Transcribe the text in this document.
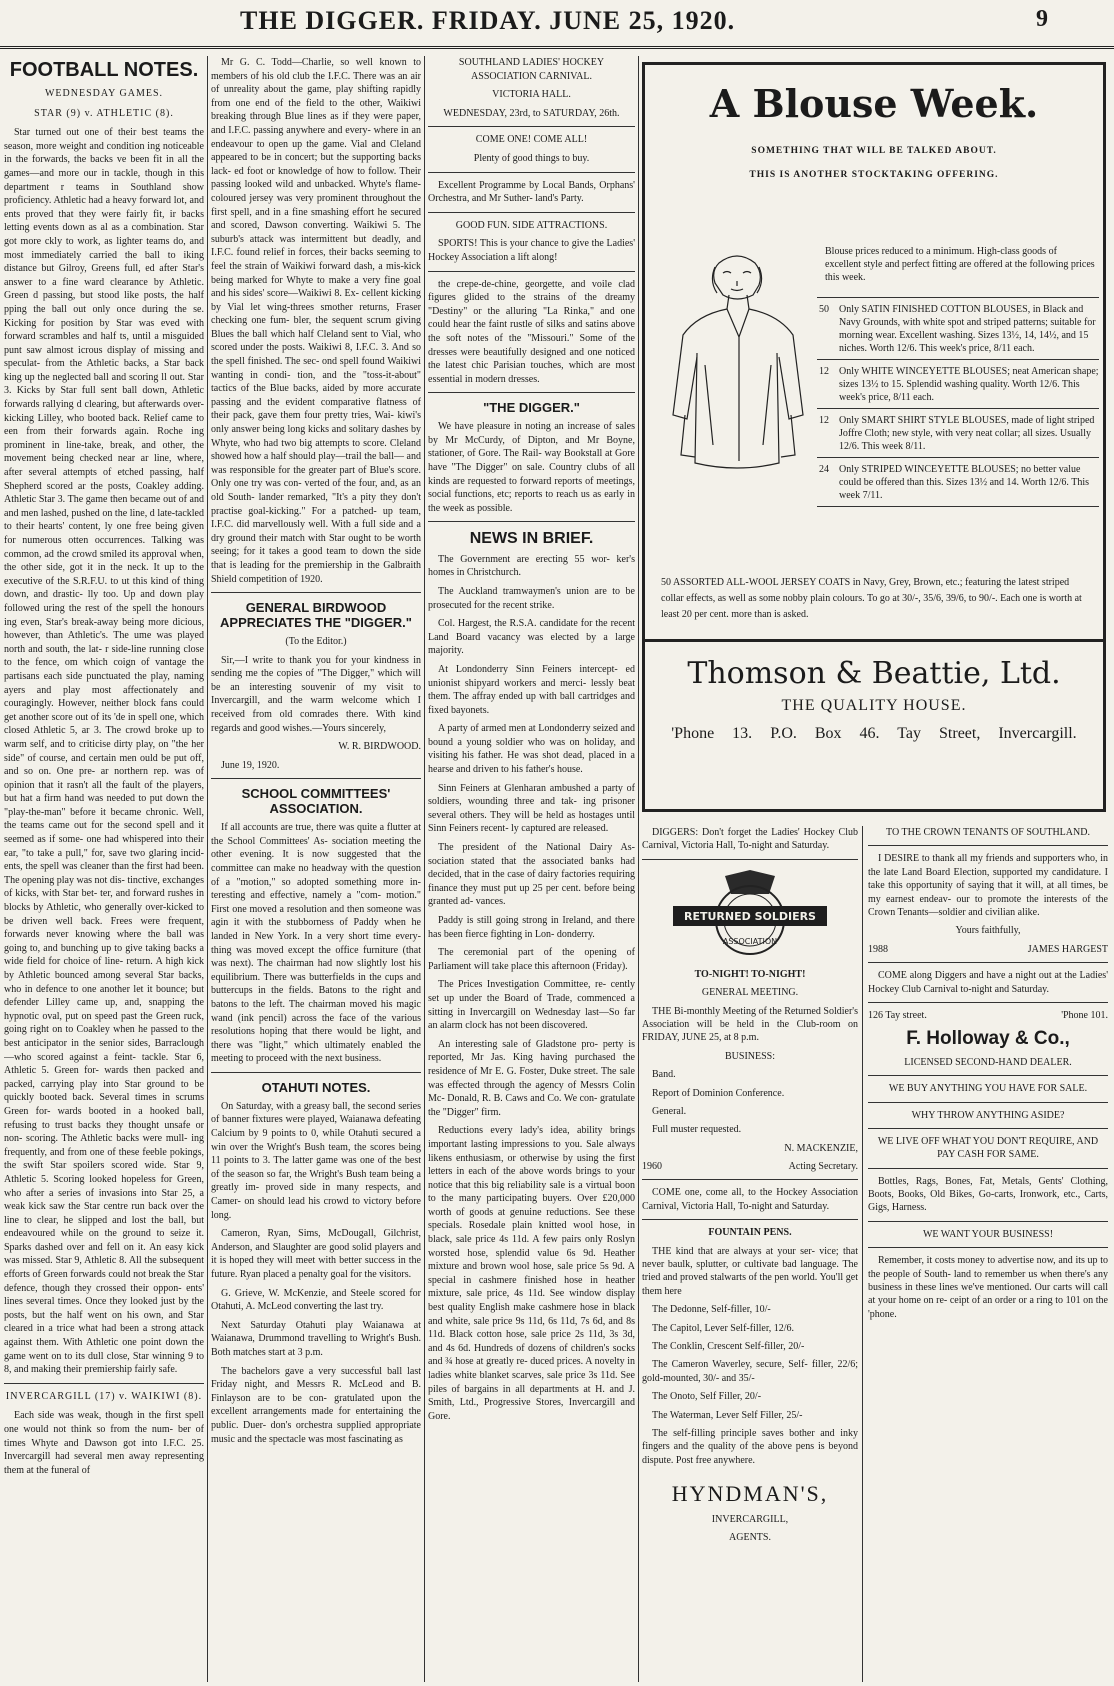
THE DIGGER. FRIDAY. JUNE 25, 1920.	9
FOOTBALL NOTES.

WEDNESDAY GAMES.

STAR (9) v. ATHLETIC (8).

Star turned out one of their best teams the season, more weight and condition ing noticeable in the forwards, the backs ve been fit in all the games—and more our in tackle, though in this department r teams in Southland show proficiency. Athletic had a heavy forward lot, and ents proved that they were fairly fit, ir backs letting events down as al as a combination. Star got more ckly to work, as lighter teams do, and most immediately carried the ball to iking distance but Gilroy, Greens full, ed after Star's answer to a fine ward clearance by Athletic. Green d passing, but stood like posts, the half pping the ball out only once during the se. Kicking for position by Star was eved with forward scrambles and half ts, until a misguided punt saw almost icrous display of missing and speculat- from the Athletic backs, a Star back king up the neglected ball and scoring ll out. Star 3. Kicks by Star full sent ball down, Athletic forwards rallying d clearing, but afterwards over-kicking Lilley, who booted back. Relief came to een from their forwards again. Roche ing prominent in line-take, break, and other, the movement being checked near ar line, where, after several attempts of etched passing, half Shepherd scored ar the posts, Coakley adding. Athletic Star 3. The game then became out of and and men lashed, pushed on the line, d late-tackled to their hearts' content, ly one free being given for numerous otten occurrences. Talking was common, ad the crowd smiled its approval when, the other side, got it in the neck. It up to the executive of the S.R.F.U. to ut this kind of thing down, and drastic- lly too. Up and down play followed uring the rest of the spell the honours ing even, Star's break-away being more dicious, however, than Athletic's. The ume was played north and south, the lat- r side-line running close to the fence, om which coign of vantage the partisans each side punctuated the play, naming ayers and play most affectionately and couragingly. However, neither block fans could get another score out of its 'de in spell one, which closed Athletic 5, ar 3. The crowd broke up to warm self, and to criticise dirty play, on "the her side" of course, and certain men ould be put off, and so on. One pre- ar northern rep. was of opinion that it rasn't all the fault of the players, but hat a firm hand was needed to put down the "play-the-man" before it became chronic. Well, the teams came out for the second spell and it seemed as if some- one had whispered into their ear, "to take a pull," for, save two glaring incid- ents, the spell was cleaner than the first had been. The opening play was not dis- tinctive, exchanges of kicks, with Star bet- ter, and forward rushes in blocks by Athletic, who generally over-kicked to be driven well back. Frees were frequent, forwards never knowing where the ball was going to, and bunching up to give taking backs a wide field for choice of line- return. A high kick by Athletic bounced among several Star backs, who in defence to one another let it bounce; but defender Lilley came up, and, snapping the hypnotic oval, put on speed past the Green ruck, going right on to Coakley when he passed to the best anticipator in the senior sides, Barraclough—who scored against a feint- tackle. Star 6, Athletic 5. Green for- wards then packed and packed, carrying play into Star ground to be quickly booted back. Several times in scrums Green for- wards booted in a hooked ball, refusing to trust backs they thought unsafe or non- scoring. The Athletic backs were mull- ing frequently, and from one of these feeble pokings, the swift Star spoilers scored wide. Star 9, Athletic 5. Scoring looked hopeless for Green, who after a series of invasions into Star 25, a weak kick saw the Star centre run back over the line to clear, he slipped and lost the ball, but endeavoured while on the ground to seize it. Sparks dashed over and fell on it. An easy kick was missed. Star 9, Athletic 8. All the subsequent efforts of Green forwards could not break the Star defence, though they crossed their oppon- ents' lines several times. Once they looked just by the posts, but the half went on his own, and Star cleared in a trice what had been a strong attack against them. With Athletic one point down the game went on to its dull close, Star winning 9 to 8, and making their premiership fairly safe.

INVERCARGILL (17) v. WAIKIWI (8).

Each side was weak, though in the first spell one would not think so from the num- ber of times Whyte and Dawson got into I.F.C. 25. Invercargill had several men away representing them at the funeral of

Mr G. C. Todd—Charlie, so well known to members of his old club the I.F.C. There was an air of unreality about the game, play shifting rapidly from one end of the field to the other, Waikiwi breaking through Blue lines as if they were paper, and I.F.C. passing anywhere and every- where in an endeavour to open up the game. Vial and Cleland appeared to be in concert; but the supporting backs lack- ed foot or knowledge of how to follow. Their passing looked wild and unbacked. Whyte's flame-coloured jersey was very prominent throughout the first spell, and in a fine smashing effort he secured and scored, Dawson converting. Waikiwi 5. The suburb's attack was intermittent but deadly, and I.F.C. found relief in forces, their backs seeming to feel the strain of Waikiwi forward dash, a mis-kick being marked for Whyte to make a very fine goal and his sides' score—Waikiwi 8. Ex- cellent kicking by Vial let wing-threes smother returns, Fraser checking one fum- bler, the sequent scrum giving Blues the ball which half Cleland sent to Vial, who scored under the posts. Waikiwi 8, I.F.C. 3. And so the spell finished. The sec- ond spell found Waikiwi wanting in condi- tion, and the "toss-it-about" tactics of the Blue backs, aided by more accurate passing and the evident comparative flatness of their pack, gave them four pretty tries, Wai- kiwi's only answer being long kicks and solitary dashes by Whyte, who had two big attempts to score. Cleland showed how a half should play—trail the ball— and was responsible for the greater part of Blue's score. Only one try was con- verted of the four, and, as an old South- lander remarked, "It's a pity they don't practise goal-kicking." For a patched- up team, I.F.C. did marvellously well. With a full side and a dry ground their match with Star ought to be worth seeing; for it takes a good team to down the side that is leading for the premiership in the Galbraith Shield competition of 1920.

GENERAL BIRDWOOD APPRECIATES THE "DIGGER."

(To the Editor.)

Sir,—I write to thank you for your kindness in sending me the copies of "The Digger," which will be an interesting souvenir of my visit to Invercargill, and the warm welcome which I received from old comrades there. With kind regards and good wishes.—Yours sincerely,

W. R. BIRDWOOD.

June 19, 1920.

SCHOOL COMMITTEES' ASSOCIATION.

If all accounts are true, there was quite a flutter at the School Committees' As- sociation meeting the other evening. It is now suggested that the committee can make no headway with the question of a "motion," so adopted something more in- teresting and effective, namely a "com- motion." First one moved a resolution and then someone was agin it with the stubborness of Paddy when he landed in New York. In a very short time every- thing was moved except the office furniture (that was next). The chairman had now slightly lost his equilibrium. There was butterfields in the cups and buttercups in the fields. Batons to the right and batons to the left. The chairman moved his magic wand (ink pencil) across the face of the various resolutions hoping that there would be light, and there was "light," which ultimately enabled the meeting to proceed with the next business.

OTAHUTI NOTES.

On Saturday, with a greasy ball, the second series of banner fixtures were played, Waianawa defeating Calcium by 9 points to 0, while Otahuti secured a win over the Wright's Bush team, the scores being 11 points to 3. The latter game was one of the best of the season so far, the Wright's Bush team being a greatly im- proved side in many respects, and Camer- on should lead his crowd to victory before long.

Cameron, Ryan, Sims, McDougall, Gilchrist, Anderson, and Slaughter are good solid players and it is hoped they will meet with better success in the future. Ryan placed a penalty goal for the visitors.

G. Grieve, W. McKenzie, and Steele scored for Otahuti, A. McLeod converting the last try.

Next Saturday Otahuti play Waianawa at Waianawa, Drummond travelling to Wright's Bush. Both matches start at 3 p.m.

The bachelors gave a very successful ball last Friday night, and Messrs R. McLeod and B. Finlayson are to be con- gratulated upon the excellent arrangements made for entertaining the public. Duer- don's orchestra supplied appropriate music and the spectacle was most fascinating as

SOUTHLAND LADIES' HOCKEY ASSOCIATION CARNIVAL.

VICTORIA HALL.

WEDNESDAY, 23rd, to SATURDAY, 26th.

COME ONE! COME ALL!

Plenty of good things to buy.

Excellent Programme by Local Bands, Orphans' Orchestra, and Mr Suther- land's Party.

GOOD FUN. SIDE ATTRACTIONS.

SPORTS! This is your chance to give the Ladies' Hockey Association a lift along!

the crepe-de-chine, georgette, and voile clad figures glided to the strains of the dreamy "Destiny" or the alluring "La Rinka," and one could hear the faint rustle of silks and satins above the soft notes of the "Missouri." Some of the dresses were beautifully designed and one noticed the latest chic Parisian touches, which are most essential in modern dresses.

"THE DIGGER."

We have pleasure in noting an increase of sales by Mr McCurdy, of Dipton, and Mr Boyne, stationer, of Gore. The Rail- way Bookstall at Gore have "The Digger" on sale. Country clubs of all kinds are requested to forward reports of meetings, social functions, etc; reports to reach us as early in the week as possible.

NEWS IN BRIEF.

The Government are erecting 55 wor- ker's homes in Christchurch.

The Auckland tramwaymen's union are to be prosecuted for the recent strike.

Col. Hargest, the R.S.A. candidate for the recent Land Board vacancy was elected by a large majority.

At Londonderry Sinn Feiners intercept- ed unionist shipyard workers and merci- lessly beat them. The affray ended up with ball cartridges and fixed bayonets.

A party of armed men at Londonderry seized and bound a young soldier who was on holiday, and visiting his father. He was shot dead, placed in a hearse and driven to his father's house.

Sinn Feiners at Glenharan ambushed a party of soldiers, wounding three and tak- ing prisoner several others. They will be held as hostages until Sinn Feiners recent- ly captured are released.

The president of the National Dairy As- sociation stated that the associated banks had decided, that in the case of dairy factories requiring finance they must put up 25 per cent. before being granted ad- vances.

Paddy is still going strong in Ireland, and there has been fierce fighting in Lon- donderry.

The ceremonial part of the opening of Parliament will take place this afternoon (Friday).

The Prices Investigation Committee, re- cently set up under the Board of Trade, commenced a sitting in Invercargill on Wednesday last—So far an alarm clock has not been discovered.

An interesting sale of Gladstone pro- perty is reported, Mr Jas. King having purchased the residence of Mr E. G. Foster, Duke street. The sale was effected through the agency of Messrs Colin Mc- Donald, R. B. Caws and Co. We con- gratulate the "Digger" firm.

Reductions every lady's idea, ability brings important lasting impressions to you. Sale always likens enthusiasm, or otherwise by using the first letters in each of the above words brings to your notice that this big reliability sale is a virtual boon to the many participating buyers. Over £20,000 worth of goods at genuine reductions. See these specials. Rosedale plain knitted wool hose, in black, sale price 4s 11d. A few pairs only Roslyn worsted hose, splendid value 6s 9d. Heather mixture and brown wool hose, sale price 5s 9d. A special in cashmere finished hose in heather mixture, sale price, 4s 11d. See window display best quality English make cashmere hose in black and white, sale price 9s 11d, 6s 11d, 7s 6d, and 8s 11d. Black cotton hose, sale price 2s 11d, 3s 3d, and 4s 6d. Hundreds of dozens of children's socks and ¾ hose at greatly re- duced prices. A novelty in ladies white blanket scarves, sale price 3s 11d. See piles of bargains in all departments at H. and J. Smith, Ltd., Progressive Stores, Invercargill and Gore.

A Blouse Week.
SOMETHING THAT WILL BE TALKED ABOUT.
THIS IS ANOTHER STOCKTAKING OFFERING.
Blouse prices reduced to a minimum. High-class goods of excellent style and perfect fitting are offered at the following prices this week.
50 Only SATIN FINISHED COTTON BLOUSES, in Black and Navy Grounds, with white spot and striped patterns; suitable for morning wear. Excellent washing. Sizes 13½, 14, 14½, and 15 niches. Worth 12/6. This week's price, 8/11 each.
12 Only WHITE WINCEYETTE BLOUSES; neat American shape; sizes 13½ to 15. Splendid washing quality. Worth 12/6. This week's price, 8/11 each.
12 Only SMART SHIRT STYLE BLOUSES, made of light striped Joffre Cloth; new style, with very neat collar; all sizes. Usually 12/6. This week 8/11.
24 Only STRIPED WINCEYETTE BLOUSES; no better value could be offered than this. Sizes 13½ and 14. Worth 12/6. This week 7/11.
50 ASSORTED ALL-WOOL JERSEY COATS in Navy, Grey, Brown, etc.; featuring the latest striped collar effects, as well as some nobby plain colours. To go at 30/-, 35/6, 39/6, to 90/-. Each one is worth at least 20 per cent. more than is asked.
Thomson & Beattie, Ltd.
THE QUALITY HOUSE.
'Phone 13. P.O. Box 46. Tay Street, Invercargill.

DIGGERS: Don't forget the Ladies' Hockey Club Carnival, Victoria Hall, To-night and Saturday.

RETURNED SOLDIERS
ASSOCIATION

TO-NIGHT! TO-NIGHT!

GENERAL MEETING.

THE Bi-monthly Meeting of the Returned Soldier's Association will be held in the Club-room on FRIDAY, JUNE 25, at 8 p.m.

BUSINESS:

Band.

Report of Dominion Conference.

General.

Full muster requested.

N. MACKENZIE,

1960	Acting Secretary.

COME one, come all, to the Hockey Association Carnival, Victoria Hall, To-night and Saturday.

FOUNTAIN PENS.

THE kind that are always at your ser- vice; that never baulk, splutter, or cultivate bad language. The tried and proved stalwarts of the pen world. You'll get them here

The Dedonne, Self-filler, 10/-

The Capitol, Lever Self-filler, 12/6.

The Conklin, Crescent Self-filler, 20/-

The Cameron Waverley, secure, Self- filler, 22/6; gold-mounted, 30/- and 35/-

The Onoto, Self Filler, 20/-

The Waterman, Lever Self Filler, 25/-

The self-filling principle saves bother and inky fingers and the quality of the above pens is beyond dispute. Post free anywhere.

HYNDMAN'S,

INVERCARGILL,

AGENTS.

TO THE CROWN TENANTS OF SOUTHLAND.

I DESIRE to thank all my friends and supporters who, in the late Land Board Election, supported my candidature. I take this opportunity of saying that it will, at all times, be my earnest endeav- our to promote the interests of the Crown Tenants—soldier and civilian alike.

Yours faithfully,

1988	JAMES HARGEST

COME along Diggers and have a night out at the Ladies' Hockey Club Carnival to-night and Saturday.

126 Tay street.	'Phone 101.
F. Holloway & Co.,

LICENSED SECOND-HAND DEALER.

WE BUY ANYTHING YOU HAVE FOR SALE.

WHY THROW ANYTHING ASIDE?

WE LIVE OFF WHAT YOU DON'T REQUIRE, AND PAY CASH FOR SAME.

Bottles, Rags, Bones, Fat, Metals, Gents' Clothing, Boots, Books, Old Bikes, Go-carts, Ironwork, etc., Carts, Gigs, Harness.

WE WANT YOUR BUSINESS!

Remember, it costs money to advertise now, and its up to the people of South- land to remember us when there's any business in these lines we've mentioned. Our carts will call at your home on re- ceipt of an order or a ring to 101 on the 'phone.
